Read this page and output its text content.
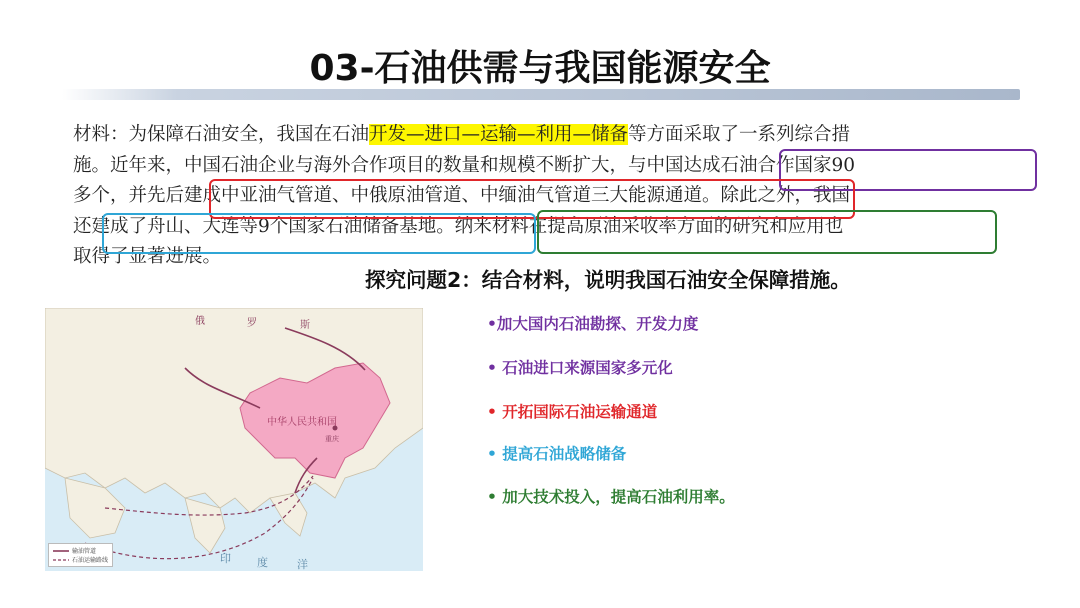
03-石油供需与我国能源安全
材料：为保障石油安全，我国在石油开发—进口—运输—利用—储备等方面采取了一系列综合措
施。近年来，中国石油企业与海外合作项目的数量和规模不断扩大，与中国达成石油合作国家90
多个，并先后建成中亚油气管道、中俄原油管道、中缅油气管道三大能源通道。除此之外，我国
还建成了舟山、大连等9个国家石油储备基地。纳米材料在提高原油采收率方面的研究和应用也
取得了显著进展。
探究问题2：结合材料，说明我国石油安全保障措施。
•加大国内石油勘探、开发力度
• 石油进口来源国家多元化
• 开拓国际石油运输通道
• 提高石油战略储备
• 加大技术投入，提高石油利用率。
俄	罗	斯
中华人民共和国
重庆
印 度	洋
输油管道
石油运输路线
